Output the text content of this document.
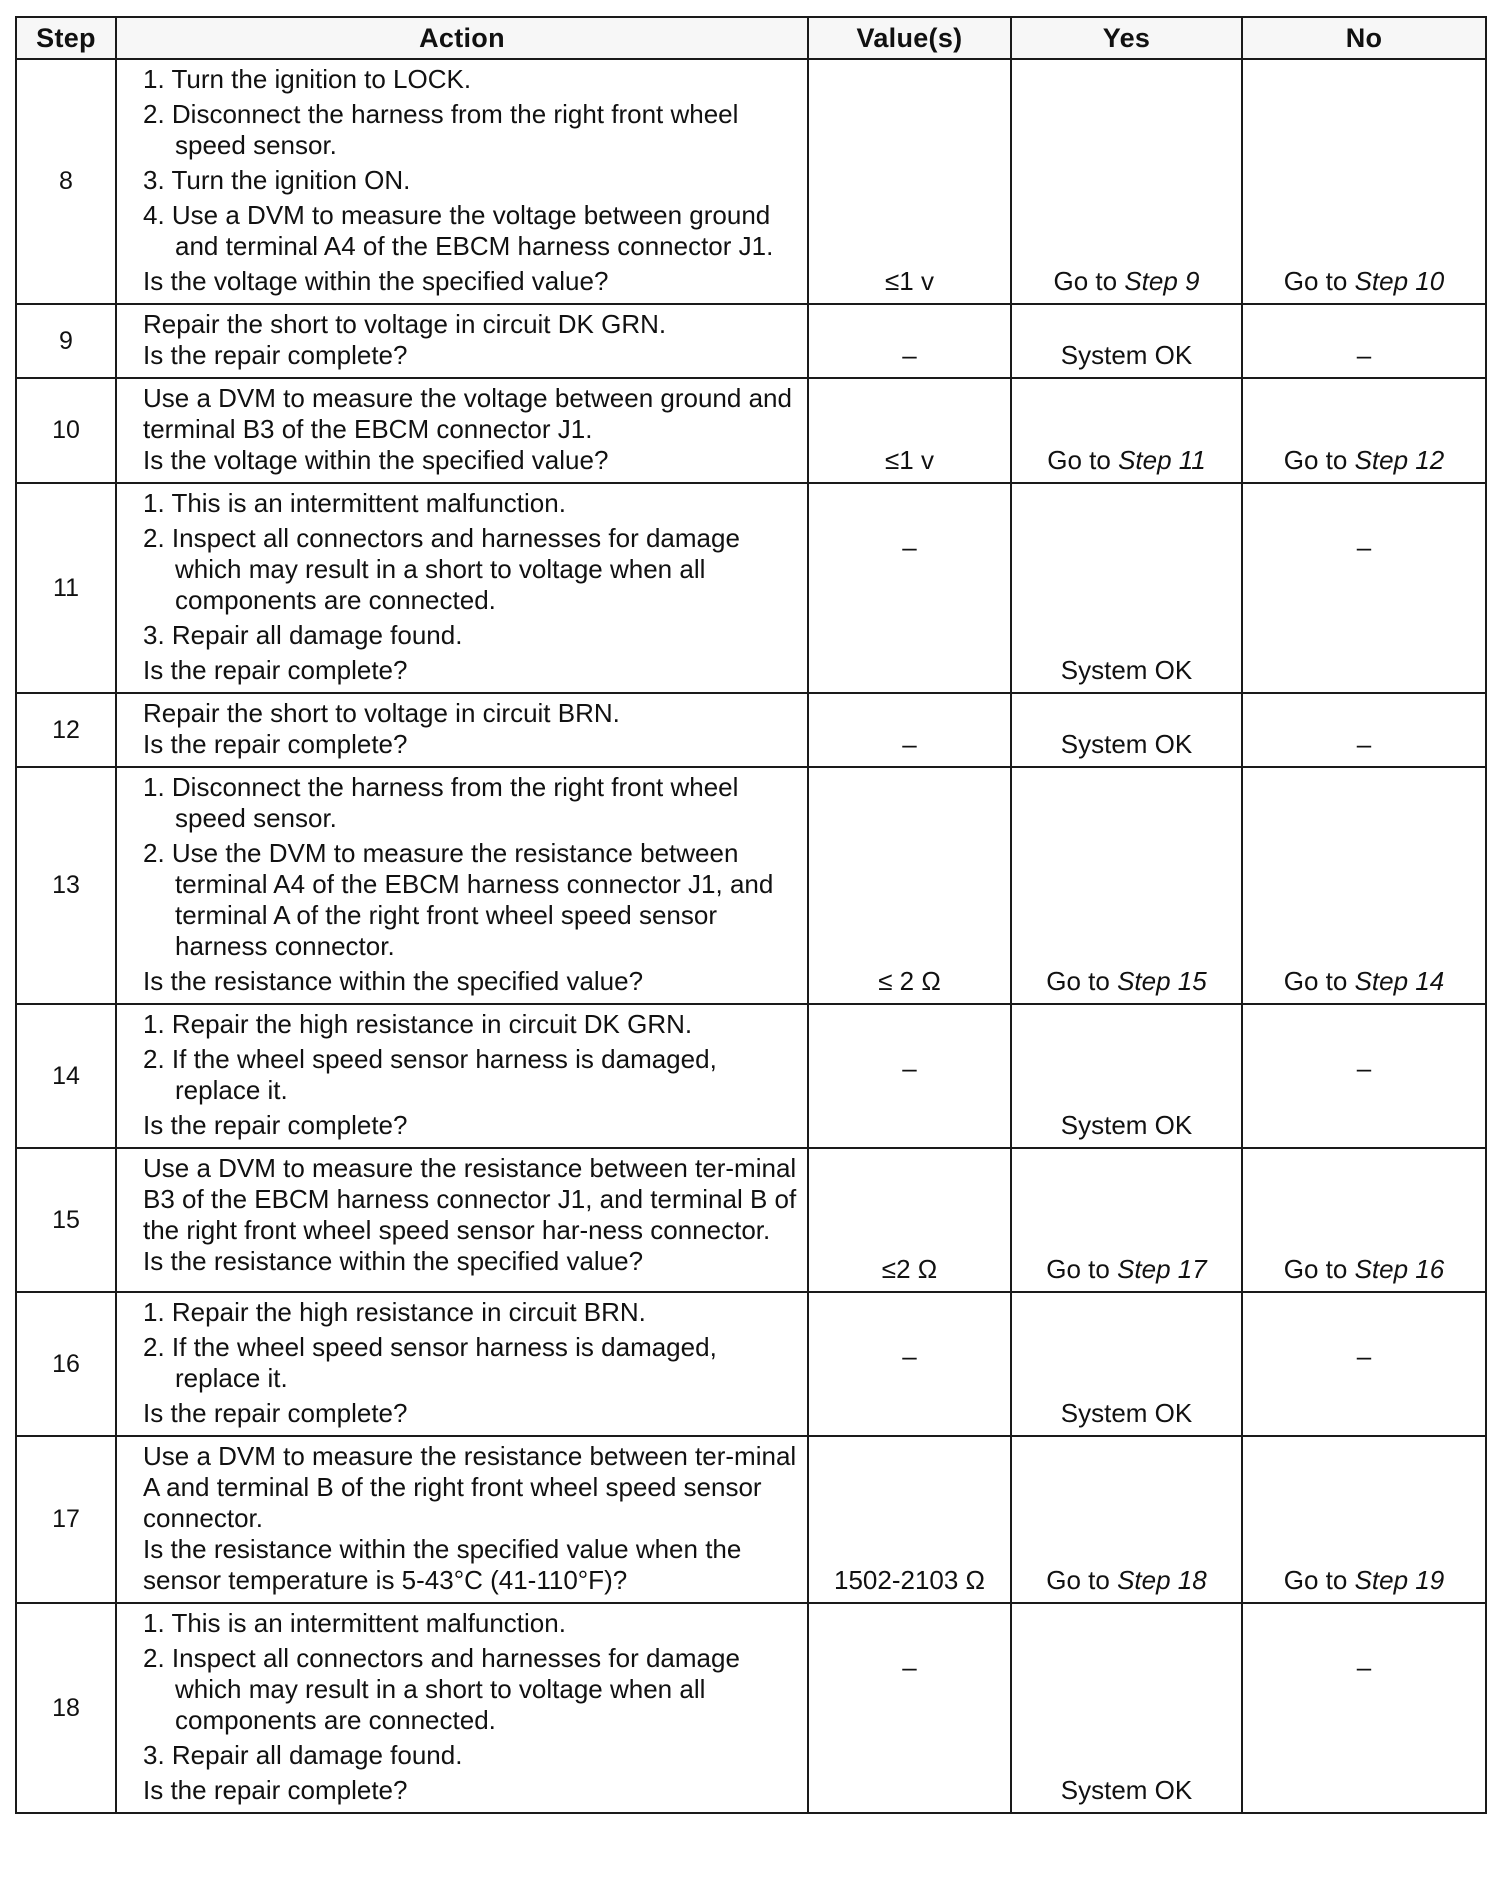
Step	Action	Value(s)	Yes	No
8	1. Turn the ignition to LOCK.
2. Disconnect the harness from the right front wheel speed sensor.
3. Turn the ignition ON.
4. Use a DVM to measure the voltage between ground and terminal A4 of the EBCM harness connector J1.
Is the voltage within the specified value?	≤1 v	Go to Step 9	Go to Step 10

9	Repair the short to voltage in circuit DK GRN.
Is the repair complete?	–	System OK	–

10	Use a DVM to measure the voltage between ground and terminal B3 of the EBCM connector J1.
Is the voltage within the specified value?	≤1 v	Go to Step 11	Go to Step 12

11	1. This is an intermittent malfunction.
2. Inspect all connectors and harnesses for damage which may result in a short to voltage when all components are connected.
3. Repair all damage found.
Is the repair complete?	–	System OK	–

12	Repair the short to voltage in circuit BRN.
Is the repair complete?	–	System OK	–

13	1. Disconnect the harness from the right front wheel speed sensor.
2. Use the DVM to measure the resistance between terminal A4 of the EBCM harness connector J1, and terminal A of the right front wheel speed sensor harness connector.
Is the resistance within the specified value?	≤ 2 Ω	Go to Step 15	Go to Step 14

14	1. Repair the high resistance in circuit DK GRN.
2. If the wheel speed sensor harness is damaged, replace it.
Is the repair complete?	–	System OK	–

15	Use a DVM to measure the resistance between ter-minal B3 of the EBCM harness connector J1, and terminal B of the right front wheel speed sensor har-ness connector.
Is the resistance within the specified value?	≤2 Ω	Go to Step 17	Go to Step 16

16	1. Repair the high resistance in circuit BRN.
2. If the wheel speed sensor harness is damaged, replace it.
Is the repair complete?	–	System OK	–

17	Use a DVM to measure the resistance between ter-minal A and terminal B of the right front wheel speed sensor connector.
Is the resistance within the specified value when the sensor temperature is 5-43°C (41-110°F)?	1502-2103 Ω	Go to Step 18	Go to Step 19

18	1. This is an intermittent malfunction.
2. Inspect all connectors and harnesses for damage which may result in a short to voltage when all components are connected.
3. Repair all damage found.
Is the repair complete?	–	System OK	–
